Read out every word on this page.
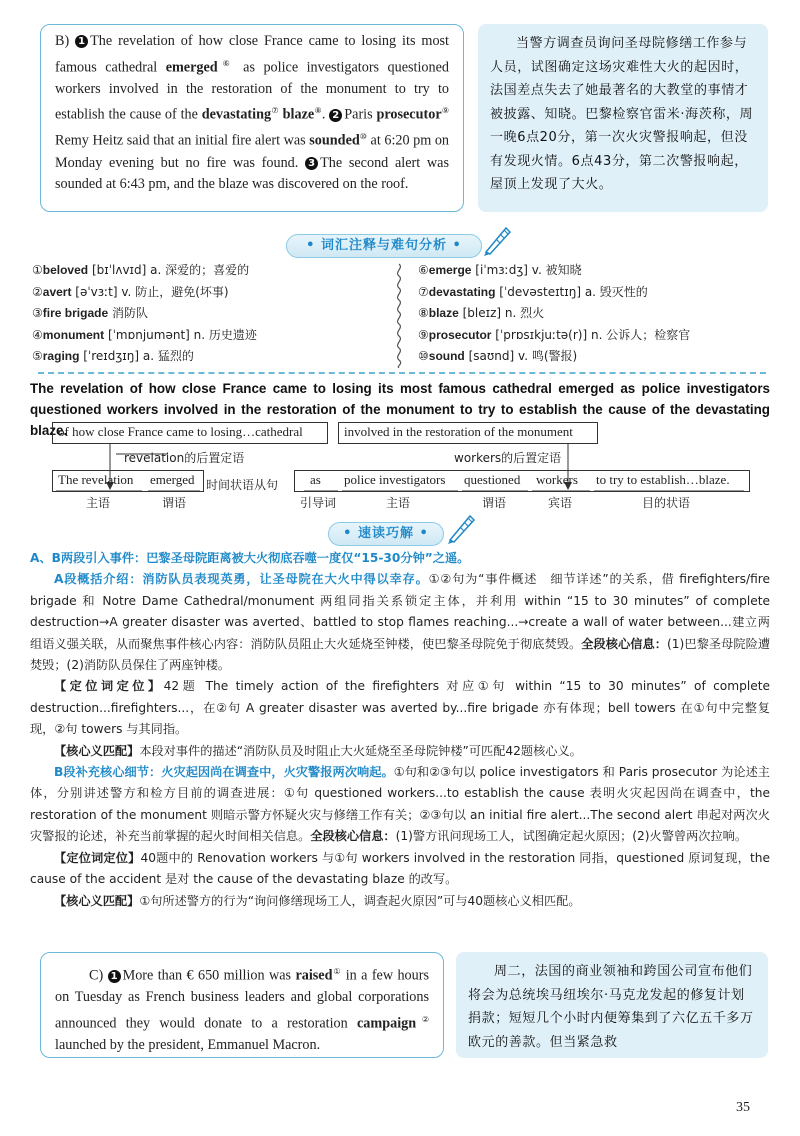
B) 1 The revelation of how close France came to losing its most famous cathedral emerged⑥ as police investigators questioned workers involved in the restoration of the monument to try to establish the cause of the devastating⑦ blaze⑧. 2 Paris prosecutor⑨ Remy Heitz said that an initial fire alert was sounded⑩ at 6:20 pm on Monday evening but no fire was found. 3 The second alert was sounded at 6:43 pm, and the blaze was discovered on the roof.
当警方调查员询问圣母院修缮工作参与人员，试图确定这场灾难性大火的起因时，法国差点失去了她最著名的大教堂的事情才被披露、知晓。巴黎检察官雷米·海茨称，周一晚6点20分，第一次火灾警报响起，但没有发现火情。6点43分，第二次警报响起，屋顶上发现了大火。
• 词汇注释与难句分析 •
①beloved [bɪˈlʌvɪd] a. 深爱的；喜爱的
②avert [əˈvɜːt] v. 防止，避免(坏事)
③fire brigade 消防队
④monument [ˈmɒnjumənt] n. 历史遗迹
⑤raging [ˈreɪdʒɪŋ] a. 猛烈的
⑥emerge [iˈmɜːdʒ] v. 被知晓
⑦devastating [ˈdevəsteɪtɪŋ] a. 毁灭性的
⑧blaze [bleɪz] n. 烈火
⑨prosecutor [ˈprɒsɪkjuːtə(r)] n. 公诉人；检察官
⑩sound [saʊnd] v. 鸣(警报)
The revelation of how close France came to losing its most famous cathedral emerged as police investigators questioned workers involved in the restoration of the monument to try to establish the cause of the devastating blaze.
of how close France came to losing…cathedral	involved in the restoration of the monument
revelation的后置定语	workers的后置定语
The revelation emerged
主语	谓语
时间状语从句 as police investigators questioned workers to try to establish…blaze.
引导词	主语	谓语	宾语	目的状语
• 速读巧解 •

A、B两段引入事件：巴黎圣母院距离被大火彻底吞噬一度仅“15-30分钟”之遥。

A段概括介绍：消防队员表现英勇，让圣母院在大火中得以幸存。①②句为“事件概述　细节详述”的关系，借 firefighters/fire brigade 和 Notre Dame Cathedral/monument 两组同指关系锁定主体，并利用 within “15 to 30 minutes” of complete destruction→A greater disaster was averted、battled to stop flames reaching...→create a wall of water between...建立两组语义强关联，从而聚焦事件核心内容：消防队员阻止大火延烧至钟楼，使巴黎圣母院免于彻底焚毁。全段核心信息：(1)巴黎圣母院险遭焚毁；(2)消防队员保住了两座钟楼。

【定位词定位】42题 The timely action of the firefighters 对应①句 within “15 to 30 minutes” of complete destruction...firefighters...，在②句 A greater disaster was averted by...fire brigade 亦有体现；bell towers 在①句中完整复现，②句 towers 与其同指。

【核心义匹配】本段对事件的描述“消防队员及时阻止大火延烧至圣母院钟楼”可匹配42题核心义。

B段补充核心细节：火灾起因尚在调查中，火灾警报两次响起。①句和②③句以 police investigators 和 Paris prosecutor 为论述主体，分别讲述警方和检方目前的调查进展：①句 questioned workers...to establish the cause 表明火灾起因尚在调查中，the restoration of the monument 则暗示警方怀疑火灾与修缮工作有关；②③句以 an initial fire alert...The second alert 串起对两次火灾警报的论述，补充当前掌握的起火时间相关信息。全段核心信息：(1)警方讯问现场工人，试图确定起火原因；(2)火警曾两次拉响。

【定位词定位】40题中的 Renovation workers 与①句 workers involved in the restoration 同指，questioned 原词复现，the cause of the accident 是对 the cause of the devastating blaze 的改写。

【核心义匹配】①句所述警方的行为“询问修缮现场工人，调查起火原因”可与40题核心义相匹配。

C) 1 More than € 650 million was raised① in a few hours on Tuesday as French business leaders and global corporations announced they would donate to a restoration campaign② launched by the president, Emmanuel Macron.
周二，法国的商业领袖和跨国公司宣布他们将会为总统埃马纽埃尔·马克龙发起的修复计划捐款；短短几个小时内便筹集到了六亿五千多万欧元的善款。但当紧急救
35
